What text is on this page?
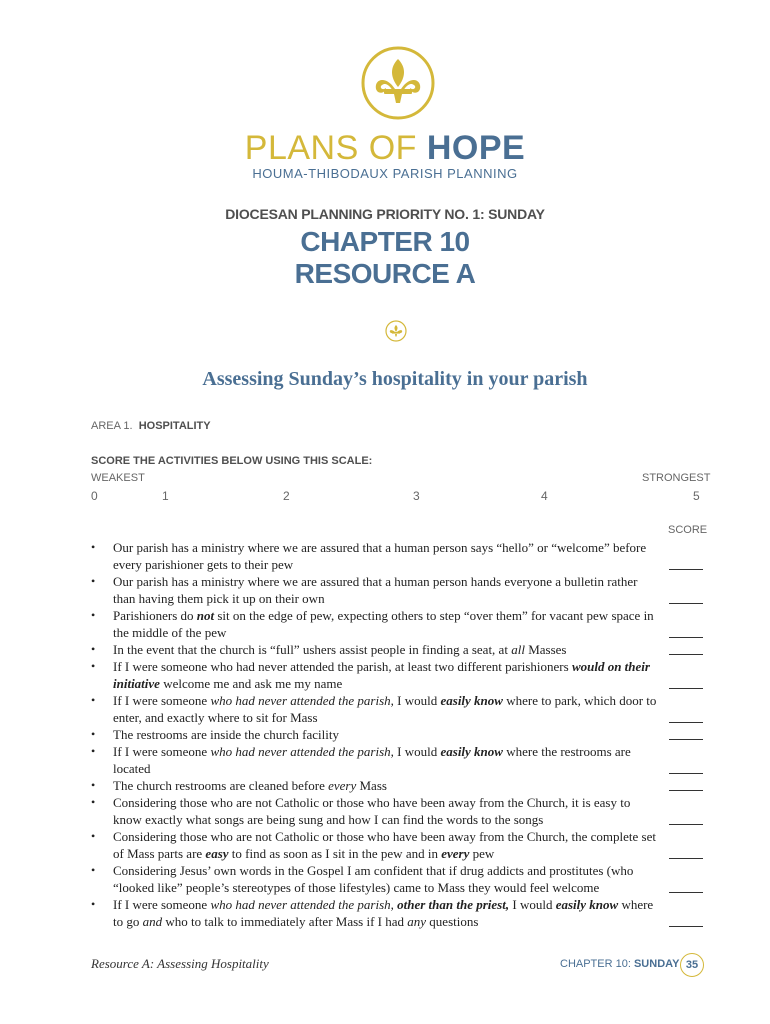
PLANS OF HOPE
HOUMA-THIBODAUX PARISH PLANNING
DIOCESAN PLANNING PRIORITY NO. 1: SUNDAY
CHAPTER 10
RESOURCE A
Assessing Sunday’s hospitality in your parish
AREA 1. HOSPITALITY
SCORE THE ACTIVITIES BELOW USING THIS SCALE:
WEAKEST	STRONGEST
0	1	2	3	4	5
SCORE
• Our parish has a ministry where we are assured that a human person says “hello” or “welcome” before every parishioner gets to their pew
• Our parish has a ministry where we are assured that a human person hands everyone a bulletin rather than having them pick it up on their own
• Parishioners do not sit on the edge of pew, expecting others to step “over them” for vacant pew space in the middle of the pew
• In the event that the church is “full” ushers assist people in finding a seat, at all Masses
• If I were someone who had never attended the parish, at least two different parishioners would on their initiative welcome me and ask me my name
• If I were someone who had never attended the parish, I would easily know where to park, which door to enter, and exactly where to sit for Mass
• The restrooms are inside the church facility
• If I were someone who had never attended the parish, I would easily know where the restrooms are located
• The church restrooms are cleaned before every Mass
• Considering those who are not Catholic or those who have been away from the Church, it is easy to know exactly what songs are being sung and how I can find the words to the songs
• Considering those who are not Catholic or those who have been away from the Church, the complete set of Mass parts are easy to find as soon as I sit in the pew and in every pew
• Considering Jesus’ own words in the Gospel I am confident that if drug addicts and prostitutes (who “looked like” people’s stereotypes of those lifestyles) came to Mass they would feel welcome
• If I were someone who had never attended the parish, other than the priest, I would easily know where to go and who to talk to immediately after Mass if I had any questions
Resource A: Assessing Hospitality	CHAPTER 10: SUNDAY 35
